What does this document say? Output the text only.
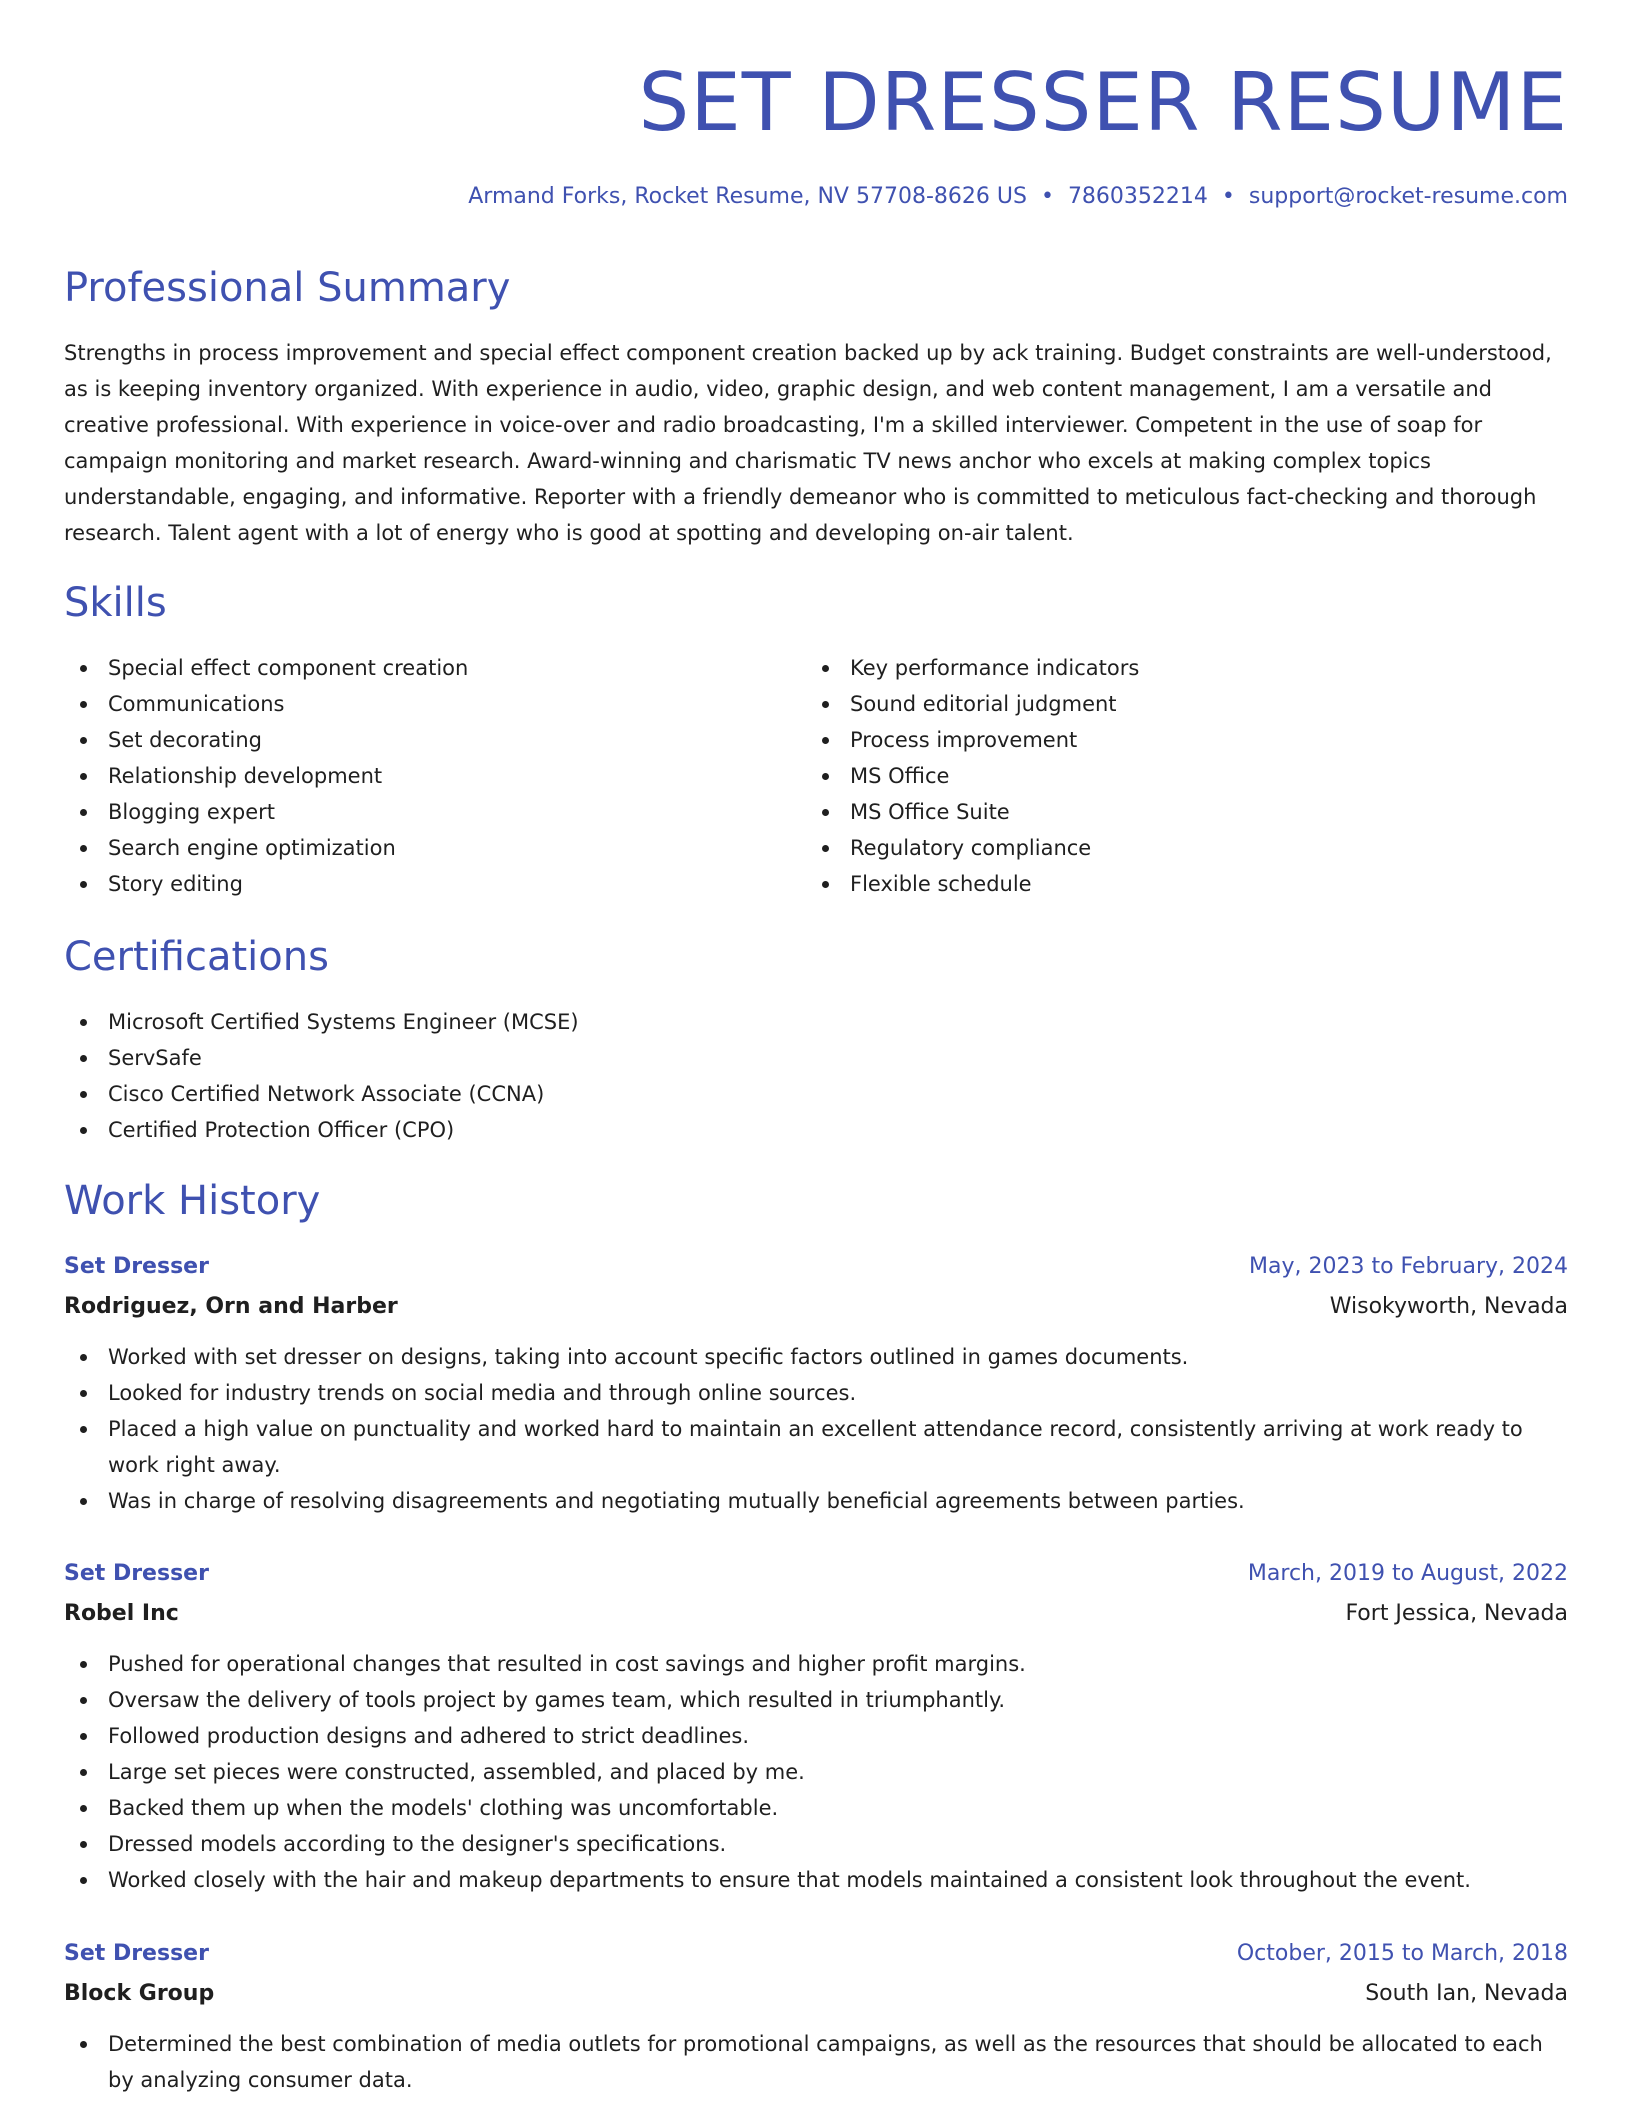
SET DRESSER RESUME
Armand Forks, Rocket Resume, NV 57708-8626 US • 7860352214 • support@rocket-resume.com
Professional Summary

Strengths in process improvement and special effect component creation backed up by ack training. Budget constraints are well-understood, as is keeping inventory organized. With experience in audio, video, graphic design, and web content management, I am a versatile and creative professional. With experience in voice-over and radio broadcasting, I'm a skilled interviewer. Competent in the use of soap for campaign monitoring and market research. Award-winning and charismatic TV news anchor who excels at making complex topics understandable, engaging, and informative. Reporter with a friendly demeanor who is committed to meticulous fact-checking and thorough research. Talent agent with a lot of energy who is good at spotting and developing on-air talent.

Skills
Special effect component creation
Communications
Set decorating
Relationship development
Blogging expert
Search engine optimization
Story editing
Key performance indicators
Sound editorial judgment
Process improvement
MS Office
MS Office Suite
Regulatory compliance
Flexible schedule
Certifications
Microsoft Certified Systems Engineer (MCSE)
ServSafe
Cisco Certified Network Associate (CCNA)
Certified Protection Officer (CPO)
Work History
Set Dresser	May, 2023 to February, 2024
Rodriguez, Orn and Harber	Wisokyworth, Nevada
Worked with set dresser on designs, taking into account specific factors outlined in games documents.
Looked for industry trends on social media and through online sources.
Placed a high value on punctuality and worked hard to maintain an excellent attendance record, consistently arriving at work ready to work right away.
Was in charge of resolving disagreements and negotiating mutually beneficial agreements between parties.
Set Dresser	March, 2019 to August, 2022
Robel Inc	Fort Jessica, Nevada
Pushed for operational changes that resulted in cost savings and higher profit margins.
Oversaw the delivery of tools project by games team, which resulted in triumphantly.
Followed production designs and adhered to strict deadlines.
Large set pieces were constructed, assembled, and placed by me.
Backed them up when the models' clothing was uncomfortable.
Dressed models according to the designer's specifications.
Worked closely with the hair and makeup departments to ensure that models maintained a consistent look throughout the event.
Set Dresser	October, 2015 to March, 2018
Block Group	South Ian, Nevada
Determined the best combination of media outlets for promotional campaigns, as well as the resources that should be allocated to each by analyzing consumer data.
